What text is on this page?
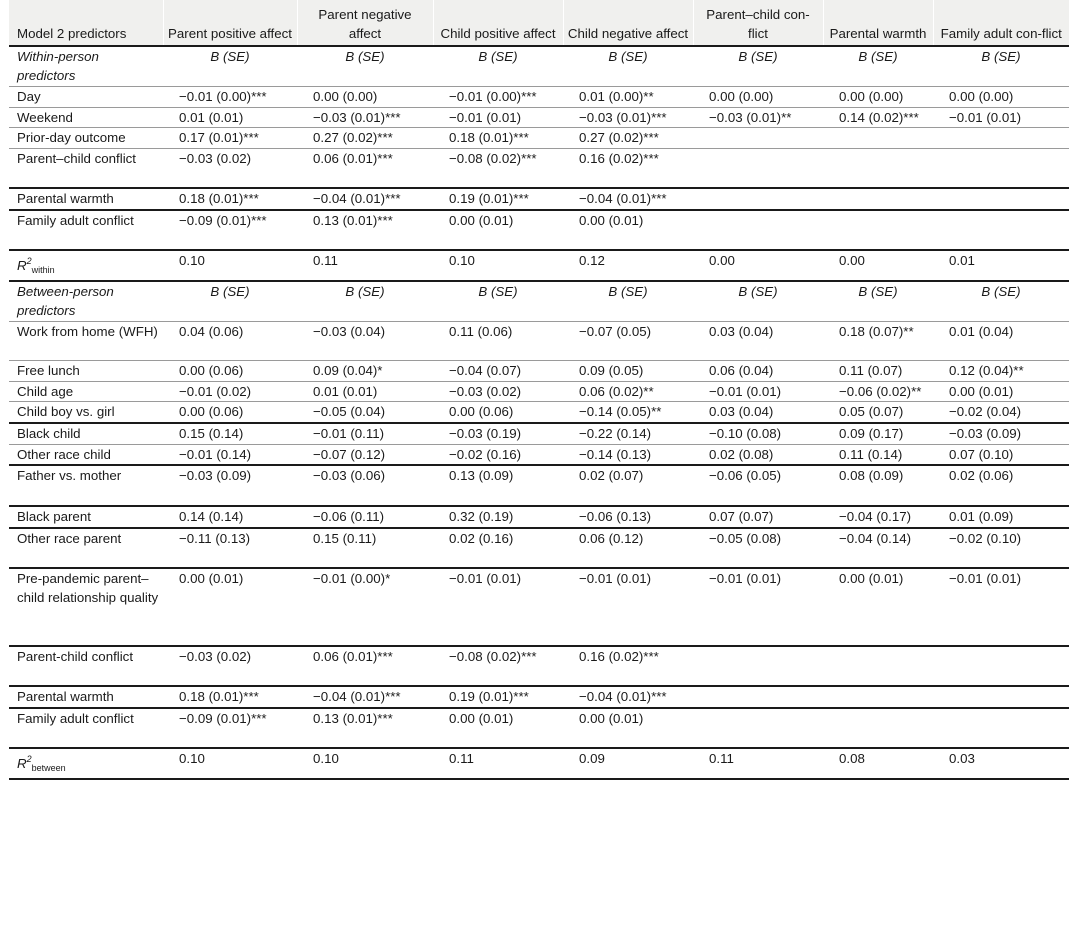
Model 2 predictors	Parent positive affect	Parent negative affect	Child positive affect	Child negative affect	Parent–child con-flict	Parental warmth	Family adult con-flict
Within-person predictors	B (SE)	B (SE)	B (SE)	B (SE)	B (SE)	B (SE)	B (SE)
Day	−0.01 (0.00)***	0.00 (0.00)	−0.01 (0.00)***	0.01 (0.00)**	0.00 (0.00)	0.00 (0.00)	0.00 (0.00)
Weekend	0.01 (0.01)	−0.03 (0.01)***	−0.01 (0.01)	−0.03 (0.01)***	−0.03 (0.01)**	0.14 (0.02)***	−0.01 (0.01)
Prior-day outcome	0.17 (0.01)***	0.27 (0.02)***	0.18 (0.01)***	0.27 (0.02)***			
Parent–child conflict	−0.03 (0.02)	0.06 (0.01)***	−0.08 (0.02)***	0.16 (0.02)***			
Parental warmth	0.18 (0.01)***	−0.04 (0.01)***	0.19 (0.01)***	−0.04 (0.01)***			
Family adult conflict	−0.09 (0.01)***	0.13 (0.01)***	0.00 (0.01)	0.00 (0.01)			
$R^2_{within}$	0.10	0.11	0.10	0.12	0.00	0.00	0.01
Between-person predictors	B (SE)	B (SE)	B (SE)	B (SE)	B (SE)	B (SE)	B (SE)
Work from home (WFH)	0.04 (0.06)	−0.03 (0.04)	0.11 (0.06)	−0.07 (0.05)	0.03 (0.04)	0.18 (0.07)**	0.01 (0.04)
Free lunch	0.00 (0.06)	0.09 (0.04)*	−0.04 (0.07)	0.09 (0.05)	0.06 (0.04)	0.11 (0.07)	0.12 (0.04)**
Child age	−0.01 (0.02)	0.01 (0.01)	−0.03 (0.02)	0.06 (0.02)**	−0.01 (0.01)	−0.06 (0.02)**	0.00 (0.01)
Child boy vs. girl	0.00 (0.06)	−0.05 (0.04)	0.00 (0.06)	−0.14 (0.05)**	0.03 (0.04)	0.05 (0.07)	−0.02 (0.04)
Black child	0.15 (0.14)	−0.01 (0.11)	−0.03 (0.19)	−0.22 (0.14)	−0.10 (0.08)	0.09 (0.17)	−0.03 (0.09)
Other race child	−0.01 (0.14)	−0.07 (0.12)	−0.02 (0.16)	−0.14 (0.13)	0.02 (0.08)	0.11 (0.14)	0.07 (0.10)
Father vs. mother	−0.03 (0.09)	−0.03 (0.06)	0.13 (0.09)	0.02 (0.07)	−0.06 (0.05)	0.08 (0.09)	0.02 (0.06)
Black parent	0.14 (0.14)	−0.06 (0.11)	0.32 (0.19)	−0.06 (0.13)	0.07 (0.07)	−0.04 (0.17)	0.01 (0.09)
Other race parent	−0.11 (0.13)	0.15 (0.11)	0.02 (0.16)	0.06 (0.12)	−0.05 (0.08)	−0.04 (0.14)	−0.02 (0.10)
Pre-pandemic parent–child relationship quality	0.00 (0.01)	−0.01 (0.00)*	−0.01 (0.01)	−0.01 (0.01)	−0.01 (0.01)	0.00 (0.01)	−0.01 (0.01)
Parent-child conflict	−0.03 (0.02)	0.06 (0.01)***	−0.08 (0.02)***	0.16 (0.02)***			
Parental warmth	0.18 (0.01)***	−0.04 (0.01)***	0.19 (0.01)***	−0.04 (0.01)***			
Family adult conflict	−0.09 (0.01)***	0.13 (0.01)***	0.00 (0.01)	0.00 (0.01)			
$R^2_{between}$	0.10	0.10	0.11	0.09	0.11	0.08	0.03
